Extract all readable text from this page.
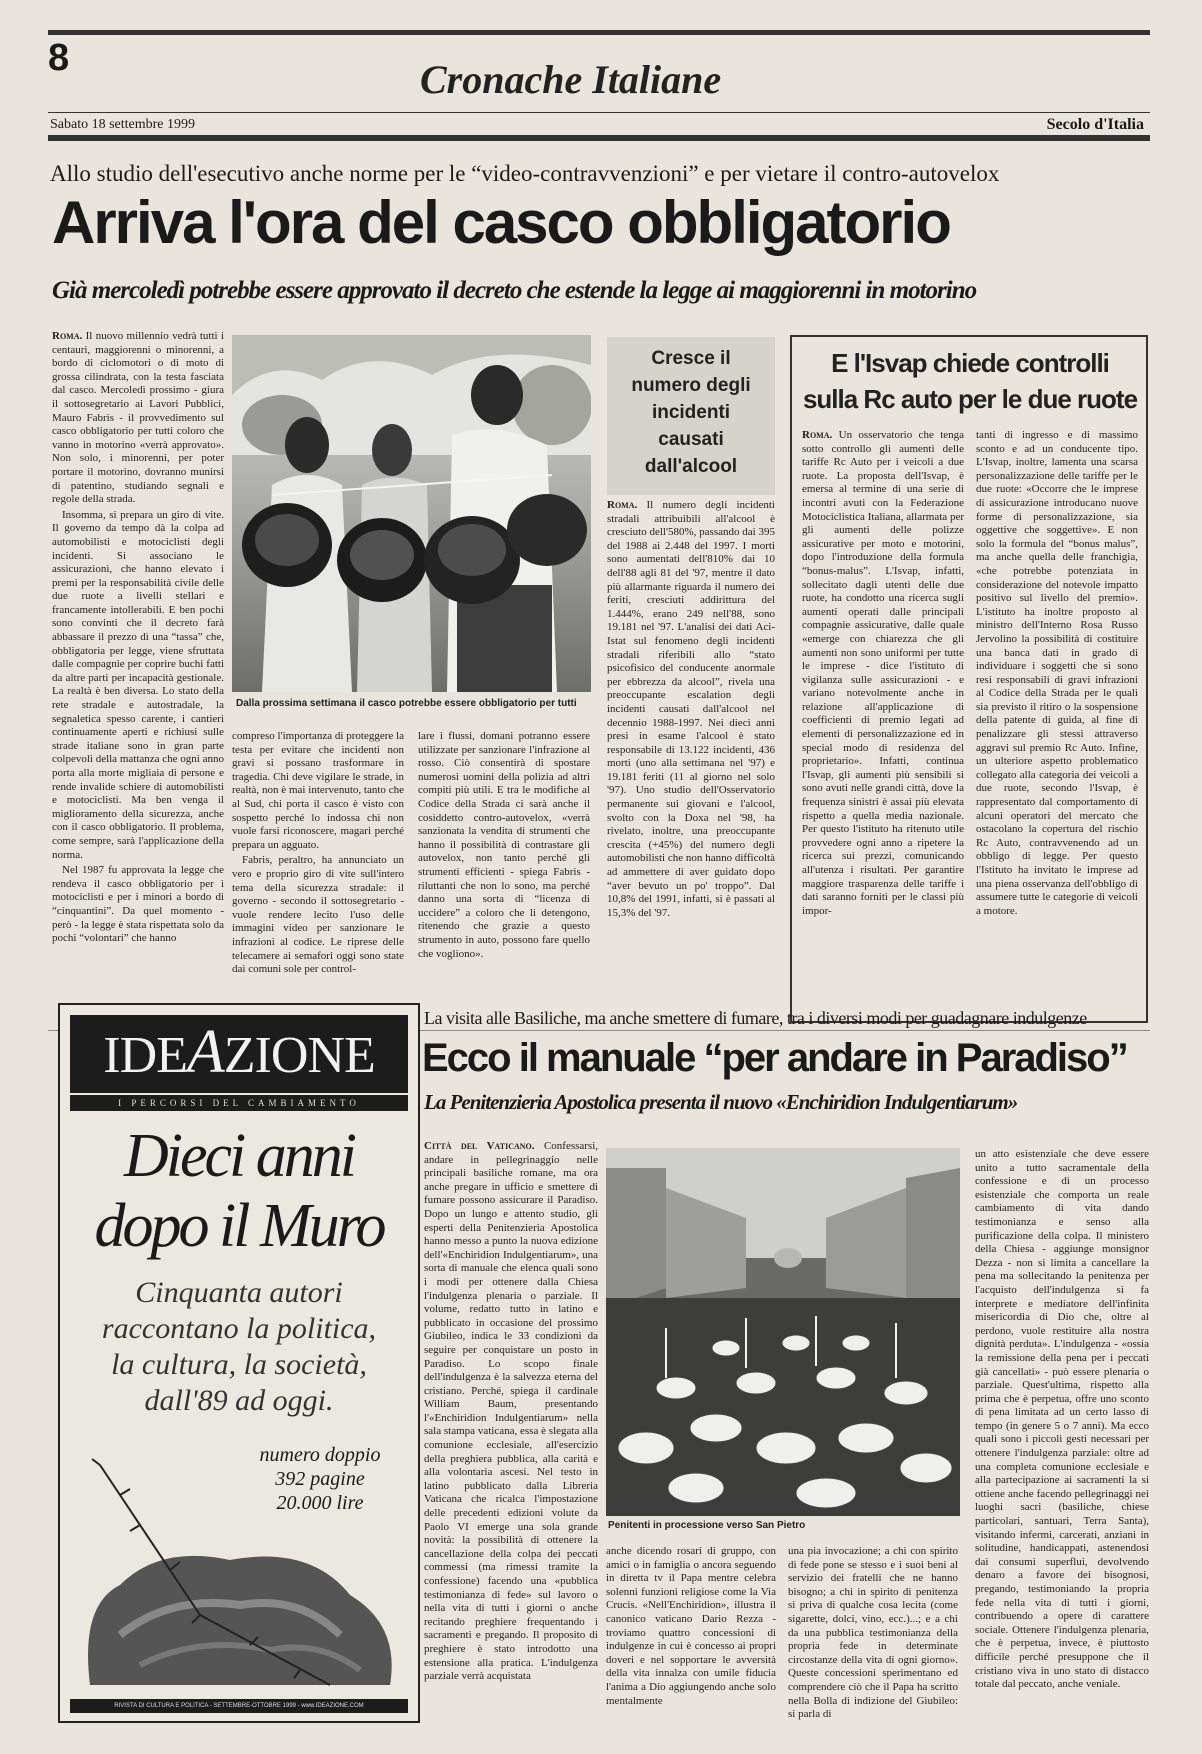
8	Cronache Italiane
Sabato 18 settembre 1999	Secolo d'Italia
Allo studio dell'esecutivo anche norme per le “video-contravvenzioni” e per vietare il contro-autovelox
Arriva l'ora del casco obbligatorio
Già mercoledì potrebbe essere approvato il decreto che estende la legge ai maggiorenni in motorino

Roma. Il nuovo millennio vedrà tutti i centauri, maggiorenni o minorenni, a bordo di ciclomotori o di moto di grossa cilindrata, con la testa fasciata dal casco. Mercoledì prossimo - giura il sottosegretario ai Lavori Pubblici, Mauro Fabris - il provvedimento sul casco obbligatorio per tutti coloro che vanno in motorino «verrà approvato». Non solo, i minorenni, per poter portare il motorino, dovranno munirsi di patentino, studiando segnali e regole della strada.

Insomma, si prepara un giro di vite. Il governo da tempo dà la colpa ad automobilisti e motociclisti degli incidenti. Si associano le assicurazioni, che hanno elevato i premi per la responsabilità civile delle due ruote a livelli stellari e francamente intollerabili. E ben pochi sono convinti che il decreto farà abbassare il prezzo di una “tassa” che, obbligatoria per legge, viene sfruttata dalle compagnie per coprire buchi fatti da altre parti per incapacità gestionale. La realtà è ben diversa. Lo stato della rete stradale e autostradale, la segnaletica spesso carente, i cantieri continuamente aperti e richiusi sulle strade italiane sono in gran parte colpevoli della mattanza che ogni anno porta alla morte migliaia di persone e rende invalide schiere di automobilisti e motociclisti. Ma ben venga il miglioramento della sicurezza, anche con il casco obbligatorio. Il problema, come sempre, sarà l'applicazione della norma.

Nel 1987 fu approvata la legge che rendeva il casco obbligatorio per i motociclisti e per i minori a bordo di “cinquantini”. Da quel momento - però - la legge è stata rispettata solo da pochi “volontari” che hanno

Dalla prossima settimana il casco potrebbe essere obbligatorio per tutti

compreso l'importanza di proteggere la testa per evitare che incidenti non gravi si possano trasformare in tragedia. Chi deve vigilare le strade, in realtà, non è mai intervenuto, tanto che al Sud, chi porta il casco è visto con sospetto perché lo indossa chi non vuole farsi riconoscere, magari perché prepara un agguato.

Fabris, peraltro, ha annunciato un vero e proprio giro di vite sull'intero tema della sicurezza stradale: il governo - secondo il sottosegretario - vuole rendere lecito l'uso delle immagini video per sanzionare le infrazioni al codice. Le riprese delle telecamere ai semafori oggi sono state dai comuni sole per control-

lare i flussi, domani potranno essere utilizzate per sanzionare l'infrazione al rosso. Ciò consentirà di spostare numerosi uomini della polizia ad altri compiti più utili. E tra le modifiche al Codice della Strada ci sarà anche il cosiddetto contro-autovelox, «verrà sanzionata la vendita di strumenti che hanno il possibilità di contrastare gli autovelox, non tanto perché gli strumenti efficienti - spiega Fabris - riluttanti che non lo sono, ma perché danno una sorta di “licenza di uccidere” a coloro che li detengono, ritenendo che grazie a questo strumento in auto, possono fare quello che vogliono».

Cresce il numero degli incidenti causati dall'alcool

Roma. Il numero degli incidenti stradali attribuibili all'alcool è cresciuto dell'580%, passando dai 395 del 1988 ai 2.448 del 1997. I morti sono aumentati dell'810% dai 10 dell'88 agli 81 del '97, mentre il dato più allarmante riguarda il numero dei feriti, cresciuti addirittura del 1.444%, erano 249 nell'88, sono 19.181 nel '97. L'analisi dei dati Aci-Istat sul fenomeno degli incidenti stradali riferibili allo “stato psicofisico del conducente anormale per ebbrezza da alcool”, rivela una preoccupante escalation degli incidenti causati dall'alcool nel decennio 1988-1997. Nei dieci anni presi in esame l'alcool è stato responsabile di 13.122 incidenti, 436 morti (uno alla settimana nel '97) e 19.181 feriti (11 al giorno nel solo '97). Uno studio dell'Osservatorio permanente sui giovani e l'alcool, svolto con la Doxa nel '98, ha rivelato, inoltre, una preoccupante crescita (+45%) del numero degli automobilisti che non hanno difficoltà ad ammettere di aver guidato dopo “aver bevuto un po' troppo”. Dal 10,8% del 1991, infatti, si è passati al 15,3% del '97.

E l'Isvap chiede controlli sulla Rc auto per le due ruote

Roma. Un osservatorio che tenga sotto controllo gli aumenti delle tariffe Rc Auto per i veicoli a due ruote. La proposta dell'Isvap, è emersa al termine di una serie di incontri avuti con la Federazione Motociclistica Italiana, allarmata per gli aumenti delle polizze assicurative per moto e motorini, dopo l'introduzione della formula “bonus-malus”. L'Isvap, infatti, sollecitato dagli utenti delle due ruote, ha condotto una ricerca sugli aumenti operati dalle principali compagnie assicurative, dalle quale «emerge con chiarezza che gli aumenti non sono uniformi per tutte le imprese - dice l'istituto di vigilanza sulle assicurazioni - e variano notevolmente anche in relazione all'applicazione di coefficienti di premio legati ad elementi di personalizzazione ed in special modo di residenza del proprietario». Infatti, continua l'Isvap, gli aumenti più sensibili si sono avuti nelle grandi città, dove la frequenza sinistri è assai più elevata rispetto a quella media nazionale. Per questo l'istituto ha ritenuto utile provvedere ogni anno a ripetere la ricerca sui prezzi, comunicando all'utenza i risultati. Per garantire maggiore trasparenza delle tariffe i dati saranno forniti per le classi più impor-

tanti di ingresso e di massimo sconto e ad un conducente tipo. L'Isvap, inoltre, lamenta una scarsa personalizzazione delle tariffe per le due ruote: «Occorre che le imprese di assicurazione introducano nuove forme di personalizzazione, sia oggettive che soggettive». E non solo la formula del “bonus malus”, ma anche quella delle franchigia, «che potrebbe potenziata in considerazione del notevole impatto positivo sul livello del premio». L'istituto ha inoltre proposto al ministro dell'Interno Rosa Russo Jervolino la possibilità di costituire una banca dati in grado di individuare i soggetti che si sono resi responsabili di gravi infrazioni al Codice della Strada per le quali sia previsto il ritiro o la sospensione della patente di guida, al fine di penalizzare gli stessi attraverso aggravi sul premio Rc Auto. Infine, un ulteriore aspetto problematico collegato alla categoria dei veicoli a due ruote, secondo l'Isvap, è rappresentato dal comportamento di alcuni operatori del mercato che ostacolano la copertura del rischio Rc Auto, contravvenendo ad un obbligo di legge. Per questo l'Istituto ha invitato le imprese ad una piena osservanza dell'obbligo di assumere tutte le categorie di veicoli a motore.

IDEAZIONE
I PERCORSI DEL CAMBIAMENTO
Dieci anni
dopo il Muro
Cinquanta autori
raccontano la politica,
la cultura, la società,
dall'89 ad oggi.
numero doppio
392 pagine
20.000 lire
RIVISTA DI CULTURA E POLITICA - SETTEMBRE-OTTOBRE 1999 - www.IDEAZIONE.COM
La visita alle Basiliche, ma anche smettere di fumare, tra i diversi modi per guadagnare indulgenze
Ecco il manuale “per andare in Paradiso”
La Penitenzieria Apostolica presenta il nuovo «Enchiridion Indulgentiarum»

Città del Vaticano. Confessarsi, andare in pellegrinaggio nelle principali basiliche romane, ma ora anche pregare in ufficio e smettere di fumare possono assicurare il Paradiso. Dopo un lungo e attento studio, gli esperti della Penitenzieria Apostolica hanno messo a punto la nuova edizione dell'«Enchiridion Indulgentiarum», una sorta di manuale che elenca quali sono i modi per ottenere dalla Chiesa l'indulgenza plenaria o parziale. Il volume, redatto tutto in latino e pubblicato in occasione del prossimo Giubileo, indica le 33 condizioni da seguire per conquistare un posto in Paradiso. Lo scopo finale dell'indulgenza è la salvezza eterna del cristiano. Perché, spiega il cardinale William Baum, presentando l'«Enchiridion Indulgentiarum» nella sala stampa vaticana, essa è slegata alla comunione ecclesiale, all'esercizio della preghiera pubblica, alla carità e alla volontaria ascesi. Nel testo in latino pubblicato dalla Libreria Vaticana che ricalca l'impostazione delle precedenti edizioni volute da Paolo VI emerge una sola grande novità: la possibilità di ottenere la cancellazione della colpa dei peccati commessi (ma rimessi tramite la confessione) facendo una «pubblica testimonianza di fede» sul lavoro o nella vita di tutti i giorni o anche recitando preghiere frequentando i sacramenti e pregando. Il proposito di preghiere è stato introdotto una estensione alla pratica. L'indulgenza parziale verrà acquistata

Penitenti in processione verso San Pietro

anche dicendo rosari di gruppo, con amici o in famiglia o ancora seguendo in diretta tv il Papa mentre celebra solenni funzioni religiose come la Via Crucis. «Nell'Enchiridion», illustra il canonico vaticano Dario Rezza - troviamo quattro concessioni di indulgenze in cui è concesso ai propri doveri e nel sopportare le avversità della vita innalza con umile fiducia l'anima a Dio aggiungendo anche solo mentalmente

una pia invocazione; a chi con spirito di fede pone se stesso e i suoi beni al servizio dei fratelli che ne hanno bisogno; a chi in spirito di penitenza si priva di qualche cosa lecita (come sigarette, dolci, vino, ecc.)...; e a chi da una pubblica testimonianza della propria fede in determinate circostanze della vita di ogni giorno». Queste concessioni sperimentano ed comprendere ciò che il Papa ha scritto nella Bolla di indizione del Giubileo: si parla di

un atto esistenziale che deve essere unito a tutto sacramentale della confessione e di un processo esistenziale che comporta un reale cambiamento di vita dando testimonianza e senso alla purificazione della colpa. Il ministero della Chiesa - aggiunge monsignor Dezza - non si limita a cancellare la pena ma sollecitando la penitenza per l'acquisto dell'indulgenza si fa interprete e mediatore dell'infinita misericordia di Dio che, oltre al perdono, vuole restituire alla nostra dignità perduta». L'indulgenza - «ossia la remissione della pena per i peccati già cancellati» - può essere plenaria o parziale. Quest'ultima, rispetto alla prima che è perpetua, offre uno sconto di pena limitata ad un certo lasso di tempo (in genere 5 o 7 anni). Ma ecco quali sono i piccoli gesti necessari per ottenere l'indulgenza parziale: oltre ad una completa comunione ecclesiale e alla partecipazione ai sacramenti la si ottiene anche facendo pellegrinaggi nei luoghi sacri (basiliche, chiese particolari, santuari, Terra Santa), visitando infermi, carcerati, anziani in solitudine, handicappati, astenendosi dai consumi superflui, devolvendo denaro a favore dei bisognosi, pregando, testimoniando la propria fede nella vita di tutti i giorni, contribuendo a opere di carattere sociale. Ottenere l'indulgenza plenaria, che è perpetua, invece, è piuttosto difficile perché presuppone che il cristiano viva in uno stato di distacco totale dal peccato, anche veniale.
